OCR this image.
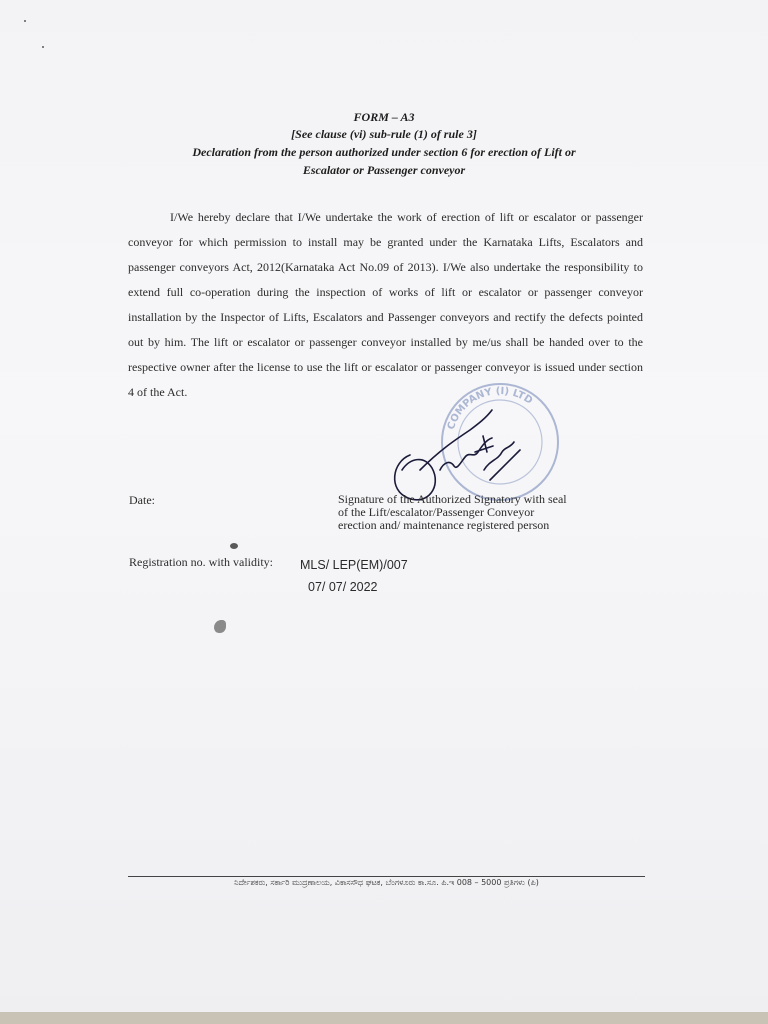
FORM – A3
[See clause (vi) sub-rule (1) of rule 3]
Declaration from the person authorized under section 6 for erection of Lift or
Escalator or Passenger conveyor
I/We hereby declare that I/We undertake the work of erection of lift or escalator or passenger conveyor for which permission to install may be granted under the Karnataka Lifts, Escalators and passenger conveyors Act, 2012(Karnataka Act No.09 of 2013). I/We also undertake the responsibility to extend full co-operation during the inspection of works of lift or escalator or passenger conveyor installation by the Inspector of Lifts, Escalators and Passenger conveyors and rectify the defects pointed out by him. The lift or escalator or passenger conveyor installed by me/us shall be handed over to the respective owner after the license to use the lift or escalator or passenger conveyor is issued under section 4 of the Act.
COMPANY (I) LTD
Date:	Signature of the Authorized Signatory with seal
of the Lift/escalator/Passenger Conveyor
erection and/ maintenance registered person
Registration no. with validity: MLS/ LEP(EM)/007
07/ 07/ 2022
ನಿರ್ದೇಶಕರು, ಸರ್ಕಾರಿ ಮುದ್ರಣಾಲಯ, ವಿಕಾಸಸೌಧ ಘಟಕ, ಬೆಂಗಳೂರು ಕಾ.ಸೂ. ಪಿ.ಇ 008 – 5000 ಪ್ರತಿಗಳು (ಪಿ)
